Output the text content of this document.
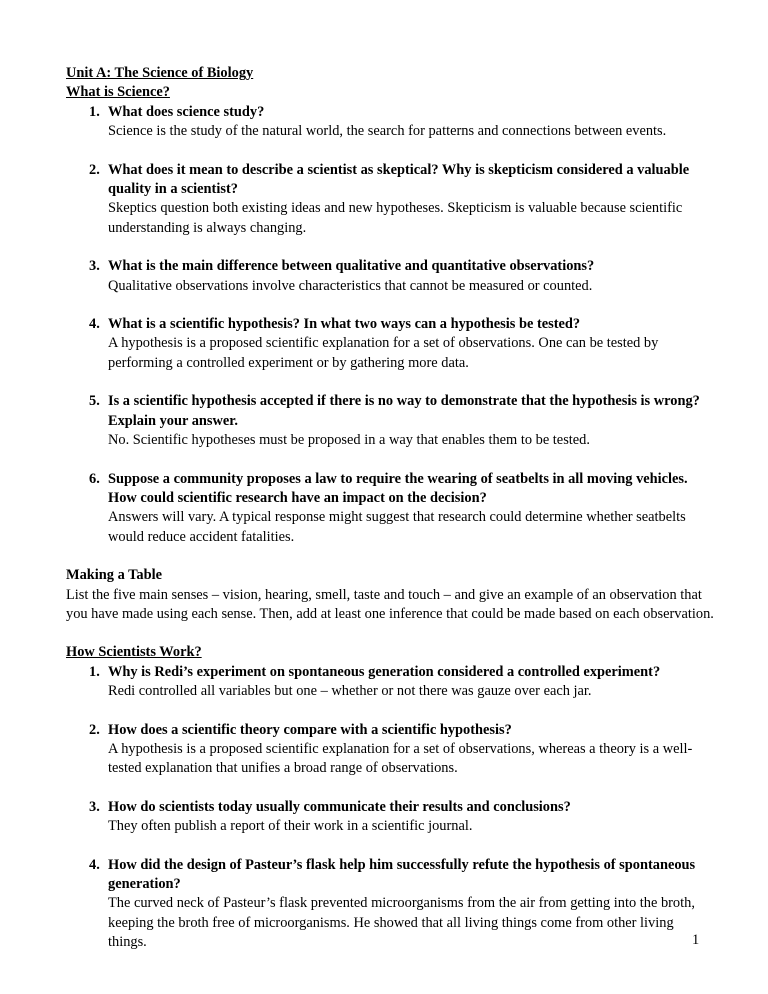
Unit A: The Science of Biology
What is Science?
1. What does science study?
Science is the study of the natural world, the search for patterns and connections between events.
2. What does it mean to describe a scientist as skeptical? Why is skepticism considered a valuable quality in a scientist?
Skeptics question both existing ideas and new hypotheses. Skepticism is valuable because scientific understanding is always changing.
3. What is the main difference between qualitative and quantitative observations?
Qualitative observations involve characteristics that cannot be measured or counted.
4. What is a scientific hypothesis? In what two ways can a hypothesis be tested?
A hypothesis is a proposed scientific explanation for a set of observations. One can be tested by performing a controlled experiment or by gathering more data.
5. Is a scientific hypothesis accepted if there is no way to demonstrate that the hypothesis is wrong? Explain your answer.
No. Scientific hypotheses must be proposed in a way that enables them to be tested.
6. Suppose a community proposes a law to require the wearing of seatbelts in all moving vehicles. How could scientific research have an impact on the decision?
Answers will vary. A typical response might suggest that research could determine whether seatbelts would reduce accident fatalities.
Making a Table
List the five main senses – vision, hearing, smell, taste and touch – and give an example of an observation that you have made using each sense. Then, add at least one inference that could be made based on each observation.
How Scientists Work?
1. Why is Redi’s experiment on spontaneous generation considered a controlled experiment?
Redi controlled all variables but one – whether or not there was gauze over each jar.
2. How does a scientific theory compare with a scientific hypothesis?
A hypothesis is a proposed scientific explanation for a set of observations, whereas a theory is a well-tested explanation that unifies a broad range of observations.
3. How do scientists today usually communicate their results and conclusions?
They often publish a report of their work in a scientific journal.
4. How did the design of Pasteur’s flask help him successfully refute the hypothesis of spontaneous generation?
The curved neck of Pasteur’s flask prevented microorganisms from the air from getting into the broth, keeping the broth free of microorganisms. He showed that all living things come from other living things.	1
